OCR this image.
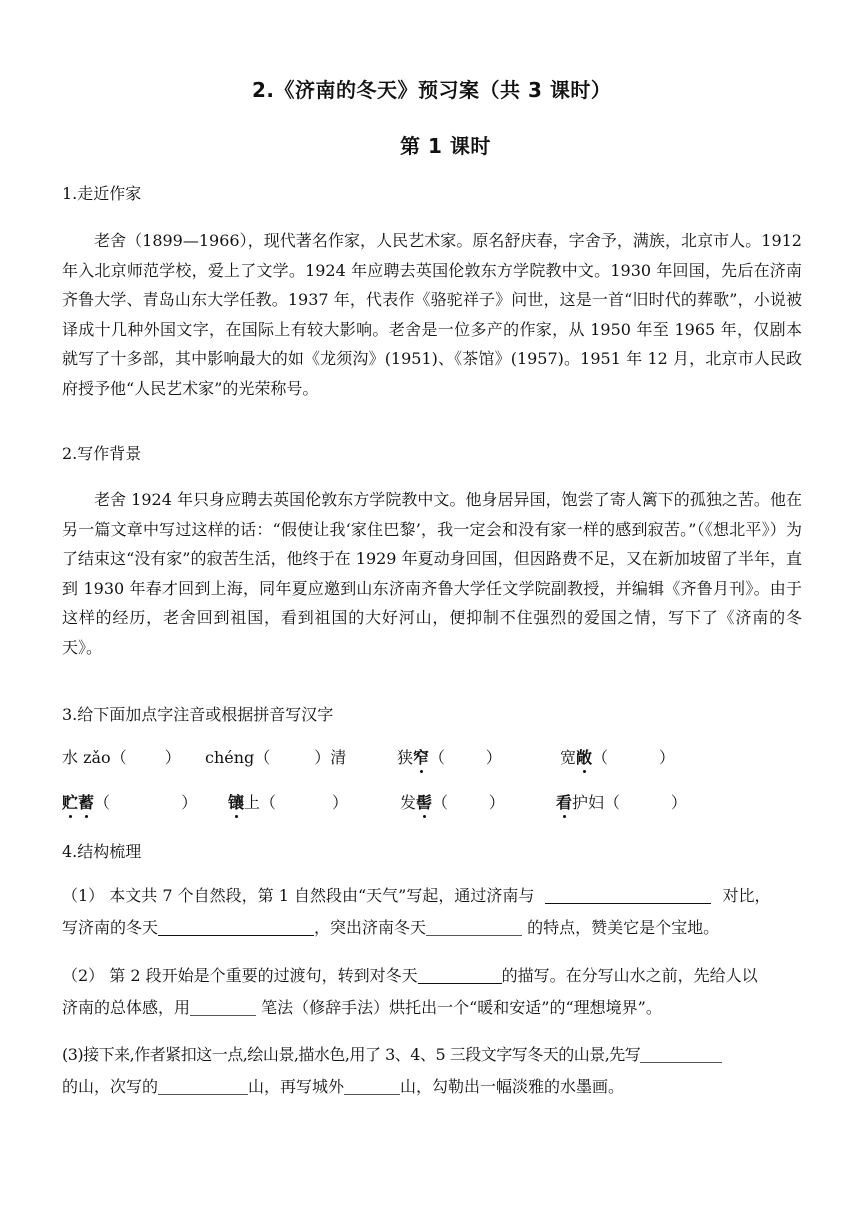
2.《济南的冬天》预习案（共 3 课时）
第 1 课时
1.走近作家
老舍（1899—1966），现代著名作家，人民艺术家。原名舒庆春，字舍予，满族，北京市人。1912 年入北京师范学校，爱上了文学。1924 年应聘去英国伦敦东方学院教中文。1930 年回国，先后在济南齐鲁大学、青岛山东大学任教。1937 年，代表作《骆驼祥子》问世，这是一首“旧时代的葬歌”，小说被译成十几种外国文字，在国际上有较大影响。老舍是一位多产的作家，从 1950 年至 1965 年，仅剧本就写了十多部，其中影响最大的如《龙须沟》(1951)、《茶馆》(1957)。1951 年 12 月，北京市人民政府授予他“人民艺术家”的光荣称号。
2.写作背景
老舍 1924 年只身应聘去英国伦敦东方学院教中文。他身居异国，饱尝了寄人篱下的孤独之苦。他在另一篇文章中写过这样的话：“假使让我‘家住巴黎’，我一定会和没有家一样的感到寂苦。”（《想北平》）为了结束这“没有家”的寂苦生活，他终于在 1929 年夏动身回国，但因路费不足，又在新加坡留了半年，直到 1930 年春才回到上海，同年夏应邀到山东济南齐鲁大学任文学院副教授，并编辑《齐鲁月刊》。由于这样的经历，老舍回到祖国，看到祖国的大好河山，便抑制不住强烈的爱国之情，写下了《济南的冬天》。
3.给下面加点字注音或根据拼音写汉字
水 zǎo（ ） chéng（	）清	狭窄（        ）	宽敞（          ）
贮蓄（              ） 镶上（           ）	发髻（        ）	看护妇（          ）
4.结构梳理
（1） 本文共 7 个自然段，第 1 自然段由“天气”写起，通过济南与	对比，
写济南的冬天	，突出济南冬天	的特点，赞美它是个宝地。
（2） 第 2 段开始是个重要的过渡句，转到对冬天	的描写。在分写山水之前，先给人以
济南的总体感，用	笔法（修辞手法）烘托出一个“暖和安适”的“理想境界”。
(3)接下来,作者紧扣这一点,绘山景,描水色,用了 3、4、5 三段文字写冬天的山景,先写
的山，次写的	山，再写城外	山，勾勒出一幅淡雅的水墨画。
